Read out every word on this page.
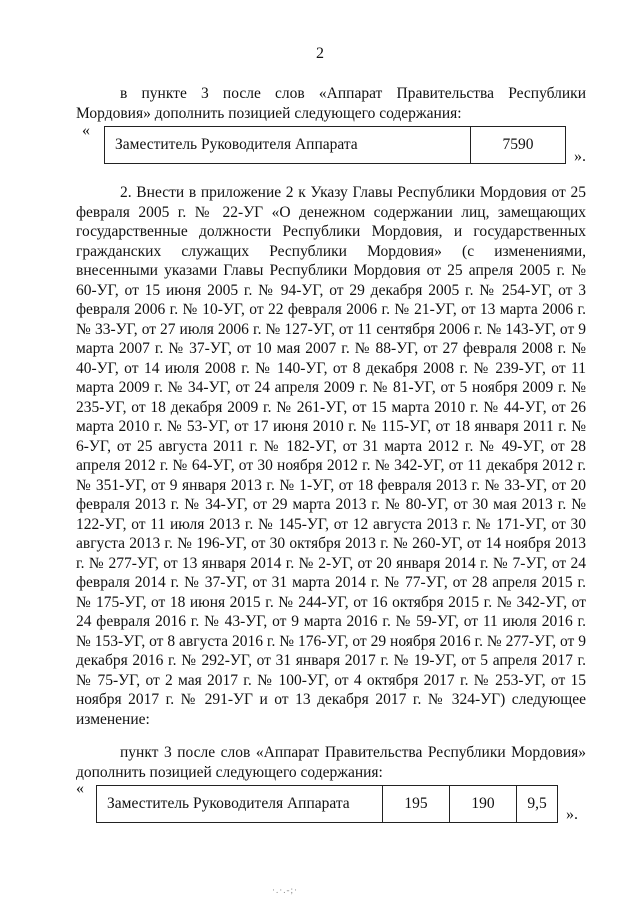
2
в пункте 3 после слов «Аппарат Правительства Республики Мордовия» дополнить позицией следующего содержания:
«
Заместитель Руководителя Аппарата	7590
».
2. Внести в приложение 2 к Указу Главы Республики Мордовия от 25 февраля 2005 г. № 22-УГ «О денежном содержании лиц, замещающих государственные должности Республики Мордовия, и государственных гражданских служащих Республики Мордовия» (с изменениями, внесенными указами Главы Республики Мордовия от 25 апреля 2005 г. № 60-УГ, от 15 июня 2005 г. № 94-УГ, от 29 декабря 2005 г. № 254-УГ, от 3 февраля 2006 г. № 10-УГ, от 22 февраля 2006 г. № 21-УГ, от 13 марта 2006 г. № 33-УГ, от 27 июля 2006 г. № 127-УГ, от 11 сентября 2006 г. № 143-УГ, от 9 марта 2007 г. № 37-УГ, от 10 мая 2007 г. № 88-УГ, от 27 февраля 2008 г. № 40-УГ, от 14 июля 2008 г. № 140-УГ, от 8 декабря 2008 г. № 239-УГ, от 11 марта 2009 г. № 34-УГ, от 24 апреля 2009 г. № 81-УГ, от 5 ноября 2009 г. № 235-УГ, от 18 декабря 2009 г. № 261-УГ, от 15 марта 2010 г. № 44-УГ, от 26 марта 2010 г. № 53-УГ, от 17 июня 2010 г. № 115-УГ, от 18 января 2011 г. № 6-УГ, от 25 августа 2011 г. № 182-УГ, от 31 марта 2012 г. № 49-УГ, от 28 апреля 2012 г. № 64-УГ, от 30 ноября 2012 г. № 342-УГ, от 11 декабря 2012 г. № 351-УГ, от 9 января 2013 г. № 1-УГ, от 18 февраля 2013 г. № 33-УГ, от 20 февраля 2013 г. № 34-УГ, от 29 марта 2013 г. № 80-УГ, от 30 мая 2013 г. № 122-УГ, от 11 июля 2013 г. № 145-УГ, от 12 августа 2013 г. № 171-УГ, от 30 августа 2013 г. № 196-УГ, от 30 октября 2013 г. № 260-УГ, от 14 ноября 2013 г. № 277-УГ, от 13 января 2014 г. № 2-УГ, от 20 января 2014 г. № 7-УГ, от 24 февраля 2014 г. № 37-УГ, от 31 марта 2014 г. № 77-УГ, от 28 апреля 2015 г. № 175-УГ, от 18 июня 2015 г. № 244-УГ, от 16 октября 2015 г. № 342-УГ, от 24 февраля 2016 г. № 43-УГ, от 9 марта 2016 г. № 59-УГ, от 11 июля 2016 г. № 153-УГ, от 8 августа 2016 г. № 176-УГ, от 29 ноября 2016 г. № 277-УГ, от 9 декабря 2016 г. № 292-УГ, от 31 января 2017 г. № 19-УГ, от 5 апреля 2017 г. № 75-УГ, от 2 мая 2017 г. № 100-УГ, от 4 октября 2017 г. № 253-УГ, от 15 ноября 2017 г. № 291-УГ и от 13 декабря 2017 г. № 324-УГ) следующее изменение:
пункт 3 после слов «Аппарат Правительства Республики Мордовия» дополнить позицией следующего содержания:
«
Заместитель Руководителя Аппарата	195	190	9,5
».
·.·.-;·
